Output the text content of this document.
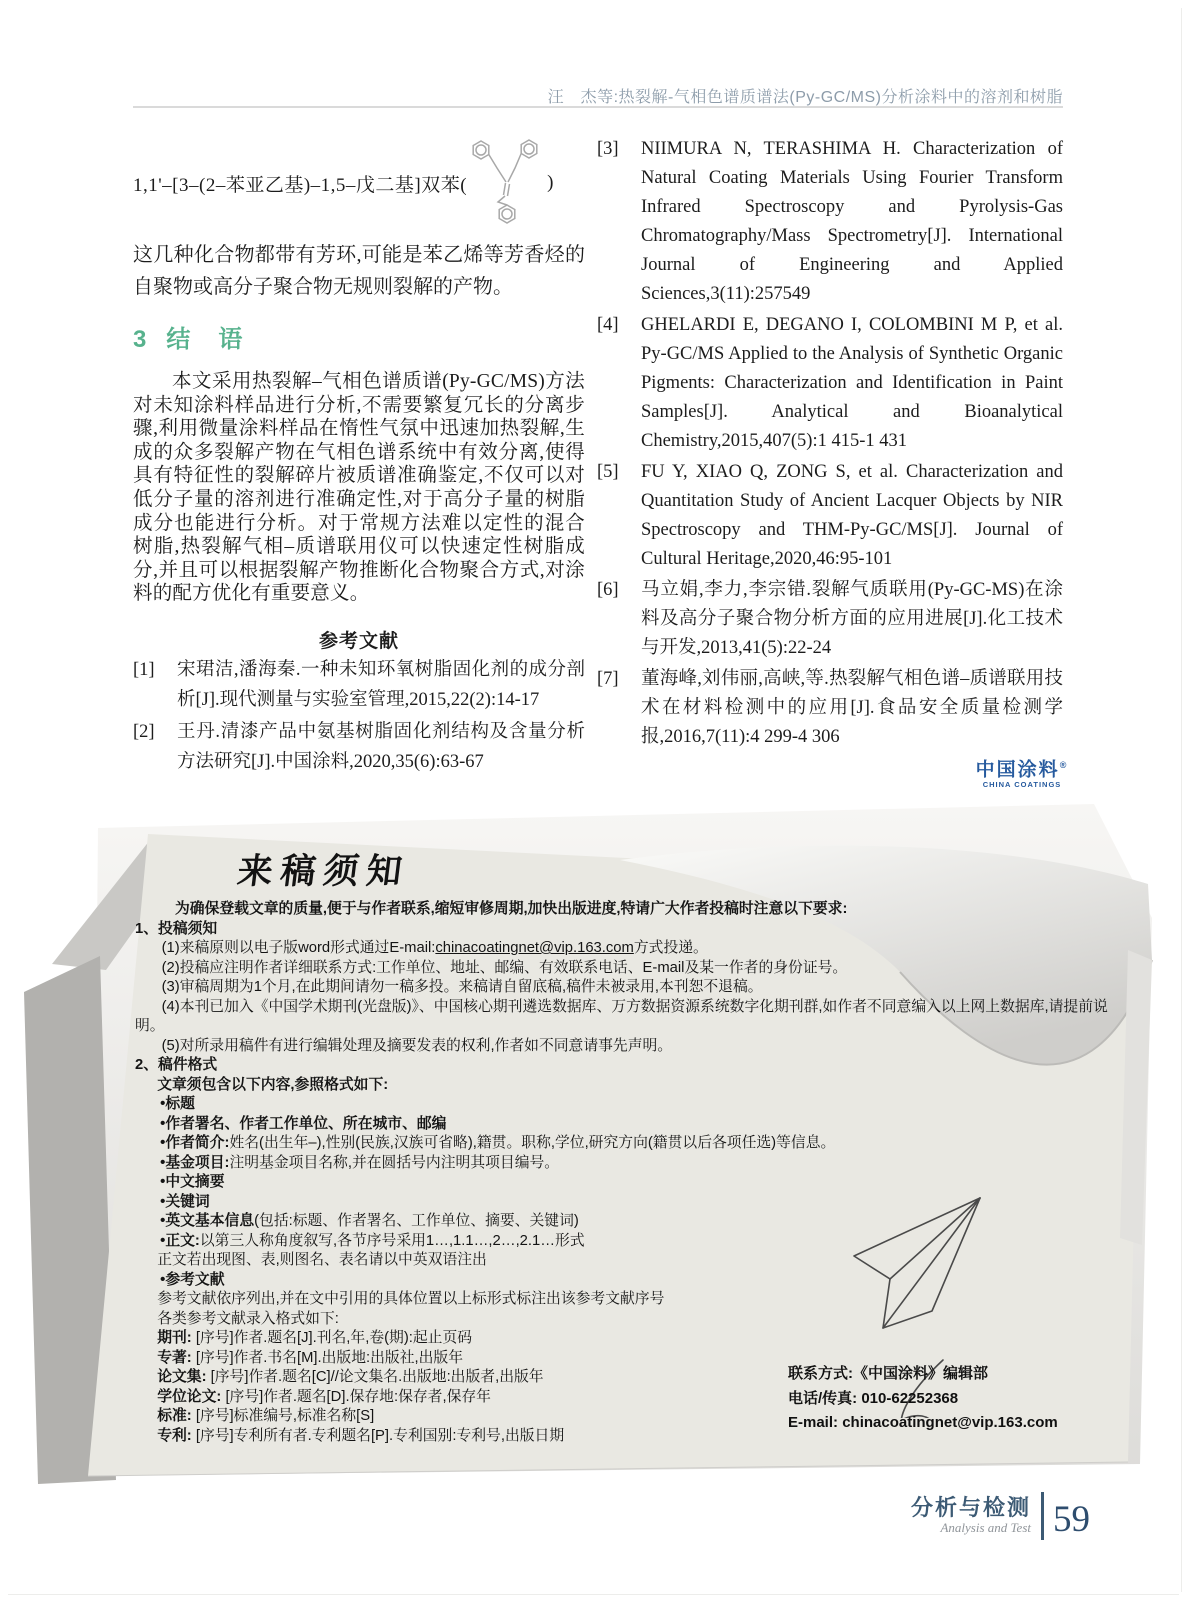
汪　杰等:热裂解-气相色谱质谱法(Py-GC/MS)分析涂料中的溶剂和树脂
1,1'–[3–(2–苯亚乙基)–1,5–戊二基]双苯(	)
这几种化合物都带有芳环,可能是苯乙烯等芳香烃的自聚物或高分子聚合物无规则裂解的产物。
3 结　语
本文采用热裂解–气相色谱质谱(Py-GC/MS)方法对未知涂料样品进行分析,不需要繁复冗长的分离步骤,利用微量涂料样品在惰性气氛中迅速加热裂解,生成的众多裂解产物在气相色谱系统中有效分离,使得具有特征性的裂解碎片被质谱准确鉴定,不仅可以对低分子量的溶剂进行准确定性,对于高分子量的树脂成分也能进行分析。对于常规方法难以定性的混合树脂,热裂解气相–质谱联用仪可以快速定性树脂成分,并且可以根据裂解产物推断化合物聚合方式,对涂料的配方优化有重要意义。
参考文献
[1] 宋珺洁,潘海秦.一种未知环氧树脂固化剂的成分剖析[J].现代测量与实验室管理,2015,22(2):14-17
[2] 王丹.清漆产品中氨基树脂固化剂结构及含量分析方法研究[J].中国涂料,2020,35(6):63-67
[3] NIIMURA N, TERASHIMA H. Characterization of Natural Coating Materials Using Fourier Transform Infrared Spectroscopy and Pyrolysis-Gas Chromatography/Mass Spectrometry[J]. International Journal of Engineering and Applied Sciences,3(11):257549
[4] GHELARDI E, DEGANO I, COLOMBINI M P, et al. Py-GC/MS Applied to the Analysis of Synthetic Organic Pigments: Characterization and Identification in Paint Samples[J]. Analytical and Bioanalytical Chemistry,2015,407(5):1 415-1 431
[5] FU Y, XIAO Q, ZONG S, et al. Characterization and Quantitation Study of Ancient Lacquer Objects by NIR Spectroscopy and THM-Py-GC/MS[J]. Journal of Cultural Heritage,2020,46:95-101
[6] 马立娟,李力,李宗错.裂解气质联用(Py-GC-MS)在涂料及高分子聚合物分析方面的应用进展[J].化工技术与开发,2013,41(5):22-24
[7] 董海峰,刘伟丽,高峡,等.热裂解气相色谱–质谱联用技术在材料检测中的应用[J].食品安全质量检测学报,2016,7(11):4 299-4 306
中国涂料®
CHINA COATINGS
来稿须知
为确保登载文章的质量,便于与作者联系,缩短审修周期,加快出版进度,特请广大作者投稿时注意以下要求:
1、投稿须知
(1)来稿原则以电子版word形式通过E-mail:chinacoatingnet@vip.163.com方式投递。
(2)投稿应注明作者详细联系方式:工作单位、地址、邮编、有效联系电话、E-mail及某一作者的身份证号。
(3)审稿周期为1个月,在此期间请勿一稿多投。来稿请自留底稿,稿件未被录用,本刊恕不退稿。
(4)本刊已加入《中国学术期刊(光盘版)》、中国核心期刊遴选数据库、万方数据资源系统数字化期刊群,如作者不同意编入以上网上数据库,请提前说明。
(5)对所录用稿件有进行编辑处理及摘要发表的权利,作者如不同意请事先声明。
2、稿件格式
文章须包含以下内容,参照格式如下:
•标题
•作者署名、作者工作单位、所在城市、邮编
•作者简介:姓名(出生年–),性别(民族,汉族可省略),籍贯。职称,学位,研究方向(籍贯以后各项任选)等信息。
•基金项目:注明基金项目名称,并在圆括号内注明其项目编号。
•中文摘要
•关键词
•英文基本信息(包括:标题、作者署名、工作单位、摘要、关键词)
•正文:以第三人称角度叙写,各节序号采用1…,1.1…,2…,2.1…形式
正文若出现图、表,则图名、表名请以中英双语注出
•参考文献
参考文献依序列出,并在文中引用的具体位置以上标形式标注出该参考文献序号
各类参考文献录入格式如下:
期刊: [序号]作者.题名[J].刊名,年,卷(期):起止页码
专著: [序号]作者.书名[M].出版地:出版社,出版年
论文集: [序号]作者.题名[C]//论文集名.出版地:出版者,出版年
学位论文: [序号]作者.题名[D].保存地:保存者,保存年
标准: [序号]标准编号,标准名称[S]
专利: [序号]专利所有者.专利题名[P].专利国别:专利号,出版日期
联系方式:《中国涂料》编辑部
电话/传真: 010-62252368
E-mail: chinacoatingnet@vip.163.com
分析与检测
Analysis and Test 59
